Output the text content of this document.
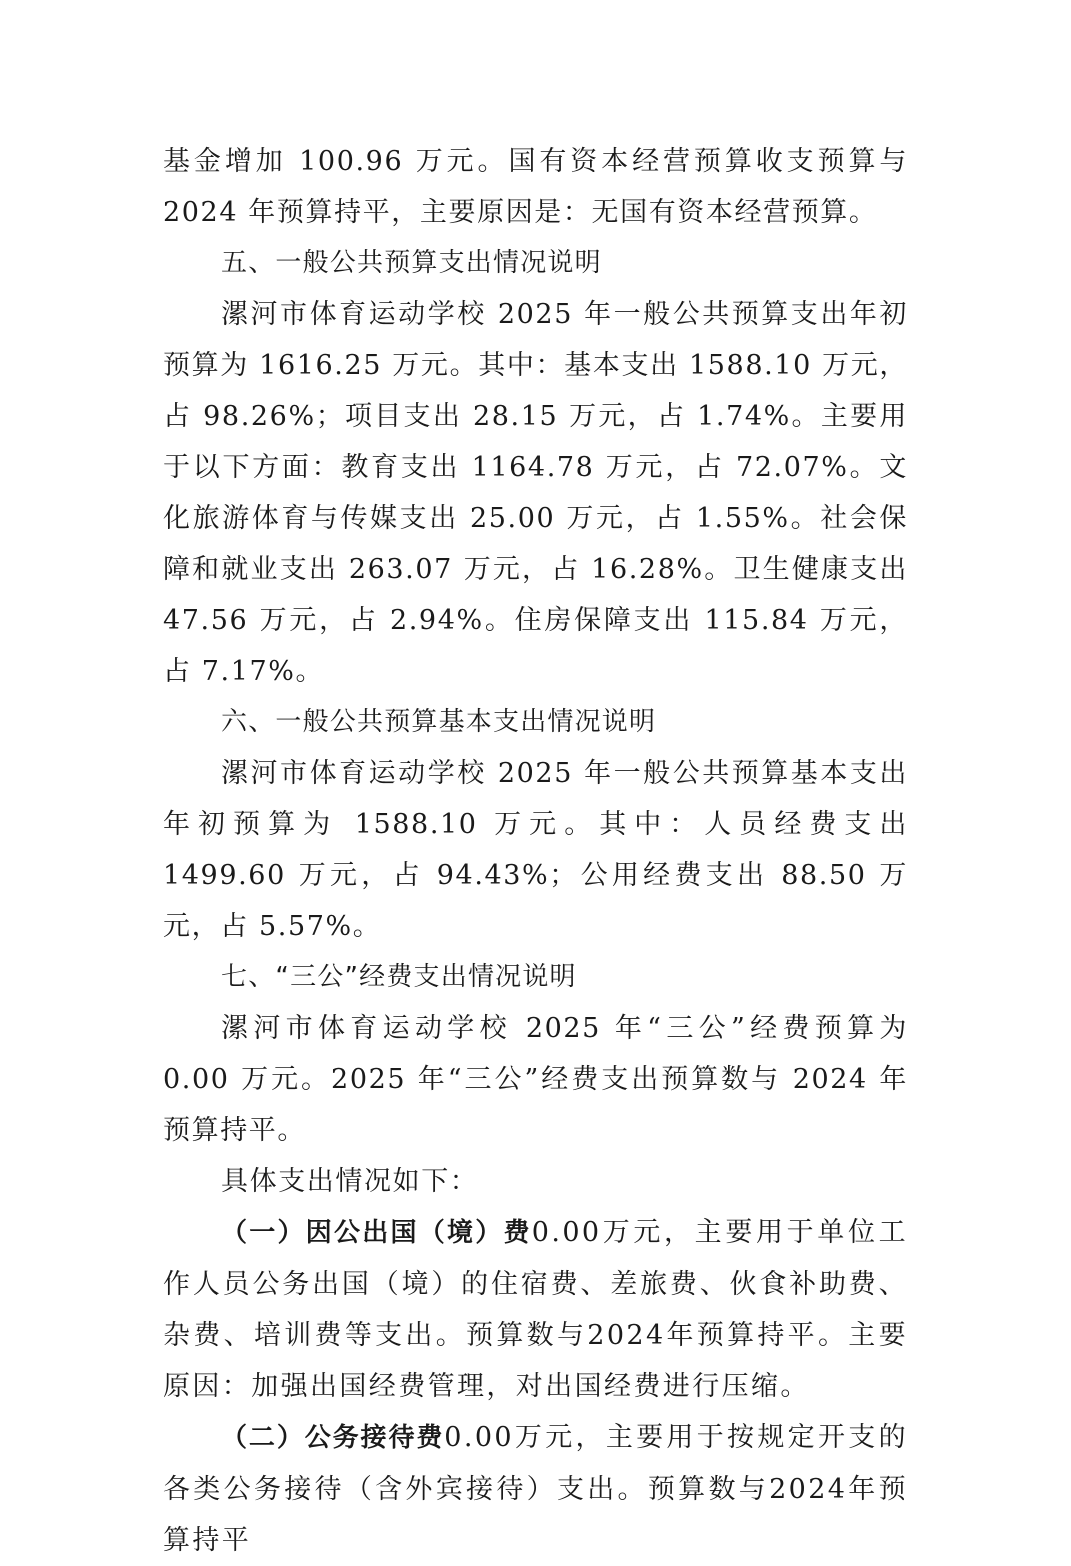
基金增加 100.96 万元。国有资本经营预算收支预算与 2024 年预算持平，主要原因是：无国有资本经营预算。

五、一般公共预算支出情况说明

漯河市体育运动学校 2025 年一般公共预算支出年初预算为 1616.25 万元。其中：基本支出 1588.10 万元，占 98.26%；项目支出 28.15 万元，占 1.74%。主要用于以下方面：教育支出 1164.78 万元，占 72.07%。文化旅游体育与传媒支出 25.00 万元，占 1.55%。社会保障和就业支出 263.07 万元，占 16.28%。卫生健康支出 47.56 万元，占 2.94%。住房保障支出 115.84 万元，占 7.17%。

六、一般公共预算基本支出情况说明

漯河市体育运动学校 2025 年一般公共预算基本支出年初预算为 1588.10 万元。其中：人员经费支出 1499.60 万元，占 94.43%；公用经费支出 88.50 万元，占 5.57%。

七、“三公”经费支出情况说明

漯河市体育运动学校 2025 年“三公”经费预算为 0.00 万元。2025 年“三公”经费支出预算数与 2024 年预算持平。

具体支出情况如下：

（一）因公出国（境）费0.00万元，主要用于单位工作人员公务出国（境）的住宿费、差旅费、伙食补助费、杂费、培训费等支出。预算数与2024年预算持平。主要原因：加强出国经费管理，对出国经费进行压缩。

（二）公务接待费0.00万元，主要用于按规定开支的各类公务接待（含外宾接待）支出。预算数与2024年预算持平
